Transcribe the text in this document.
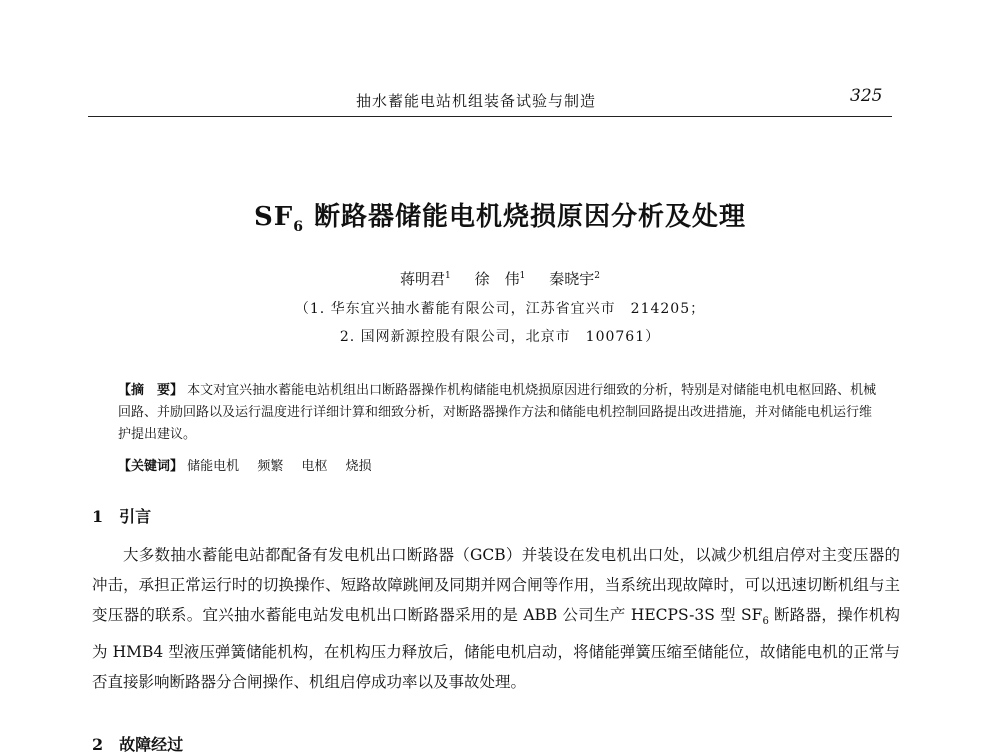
抽水蓄能电站机组装备试验与制造	325
$SF_6$ 断路器储能电机烧损原因分析及处理
蒋明君$^1$ 徐　伟$^1$ 秦晓宇$^2$
（1. 华东宜兴抽水蓄能有限公司，江苏省宜兴市　214205；
2. 国网新源控股有限公司，北京市　100761）
【摘　要】 本文对宜兴抽水蓄能电站机组出口断路器操作机构储能电机烧损原因进行细致的分析，特别是对储能电机电枢回路、机械回路、并励回路以及运行温度进行详细计算和细致分析，对断路器操作方法和储能电机控制回路提出改进措施，并对储能电机运行维护提出建议。
【关键词】 储能电机 频繁 电枢 烧损
1 引言
大多数抽水蓄能电站都配备有发电机出口断路器（GCB）并装设在发电机出口处，以减少机组启停对主变压器的冲击，承担正常运行时的切换操作、短路故障跳闸及同期并网合闸等作用，当系统出现故障时，可以迅速切断机组与主变压器的联系。宜兴抽水蓄能电站发电机出口断路器采用的是 ABB 公司生产 HECPS-3S 型 $SF_6$ 断路器，操作机构为 HMB4 型液压弹簧储能机构，在机构压力释放后，储能电机启动，将储能弹簧压缩至储能位，故储能电机的正常与否直接影响断路器分合闸操作、机组启停成功率以及事故处理。
2 故障经过
